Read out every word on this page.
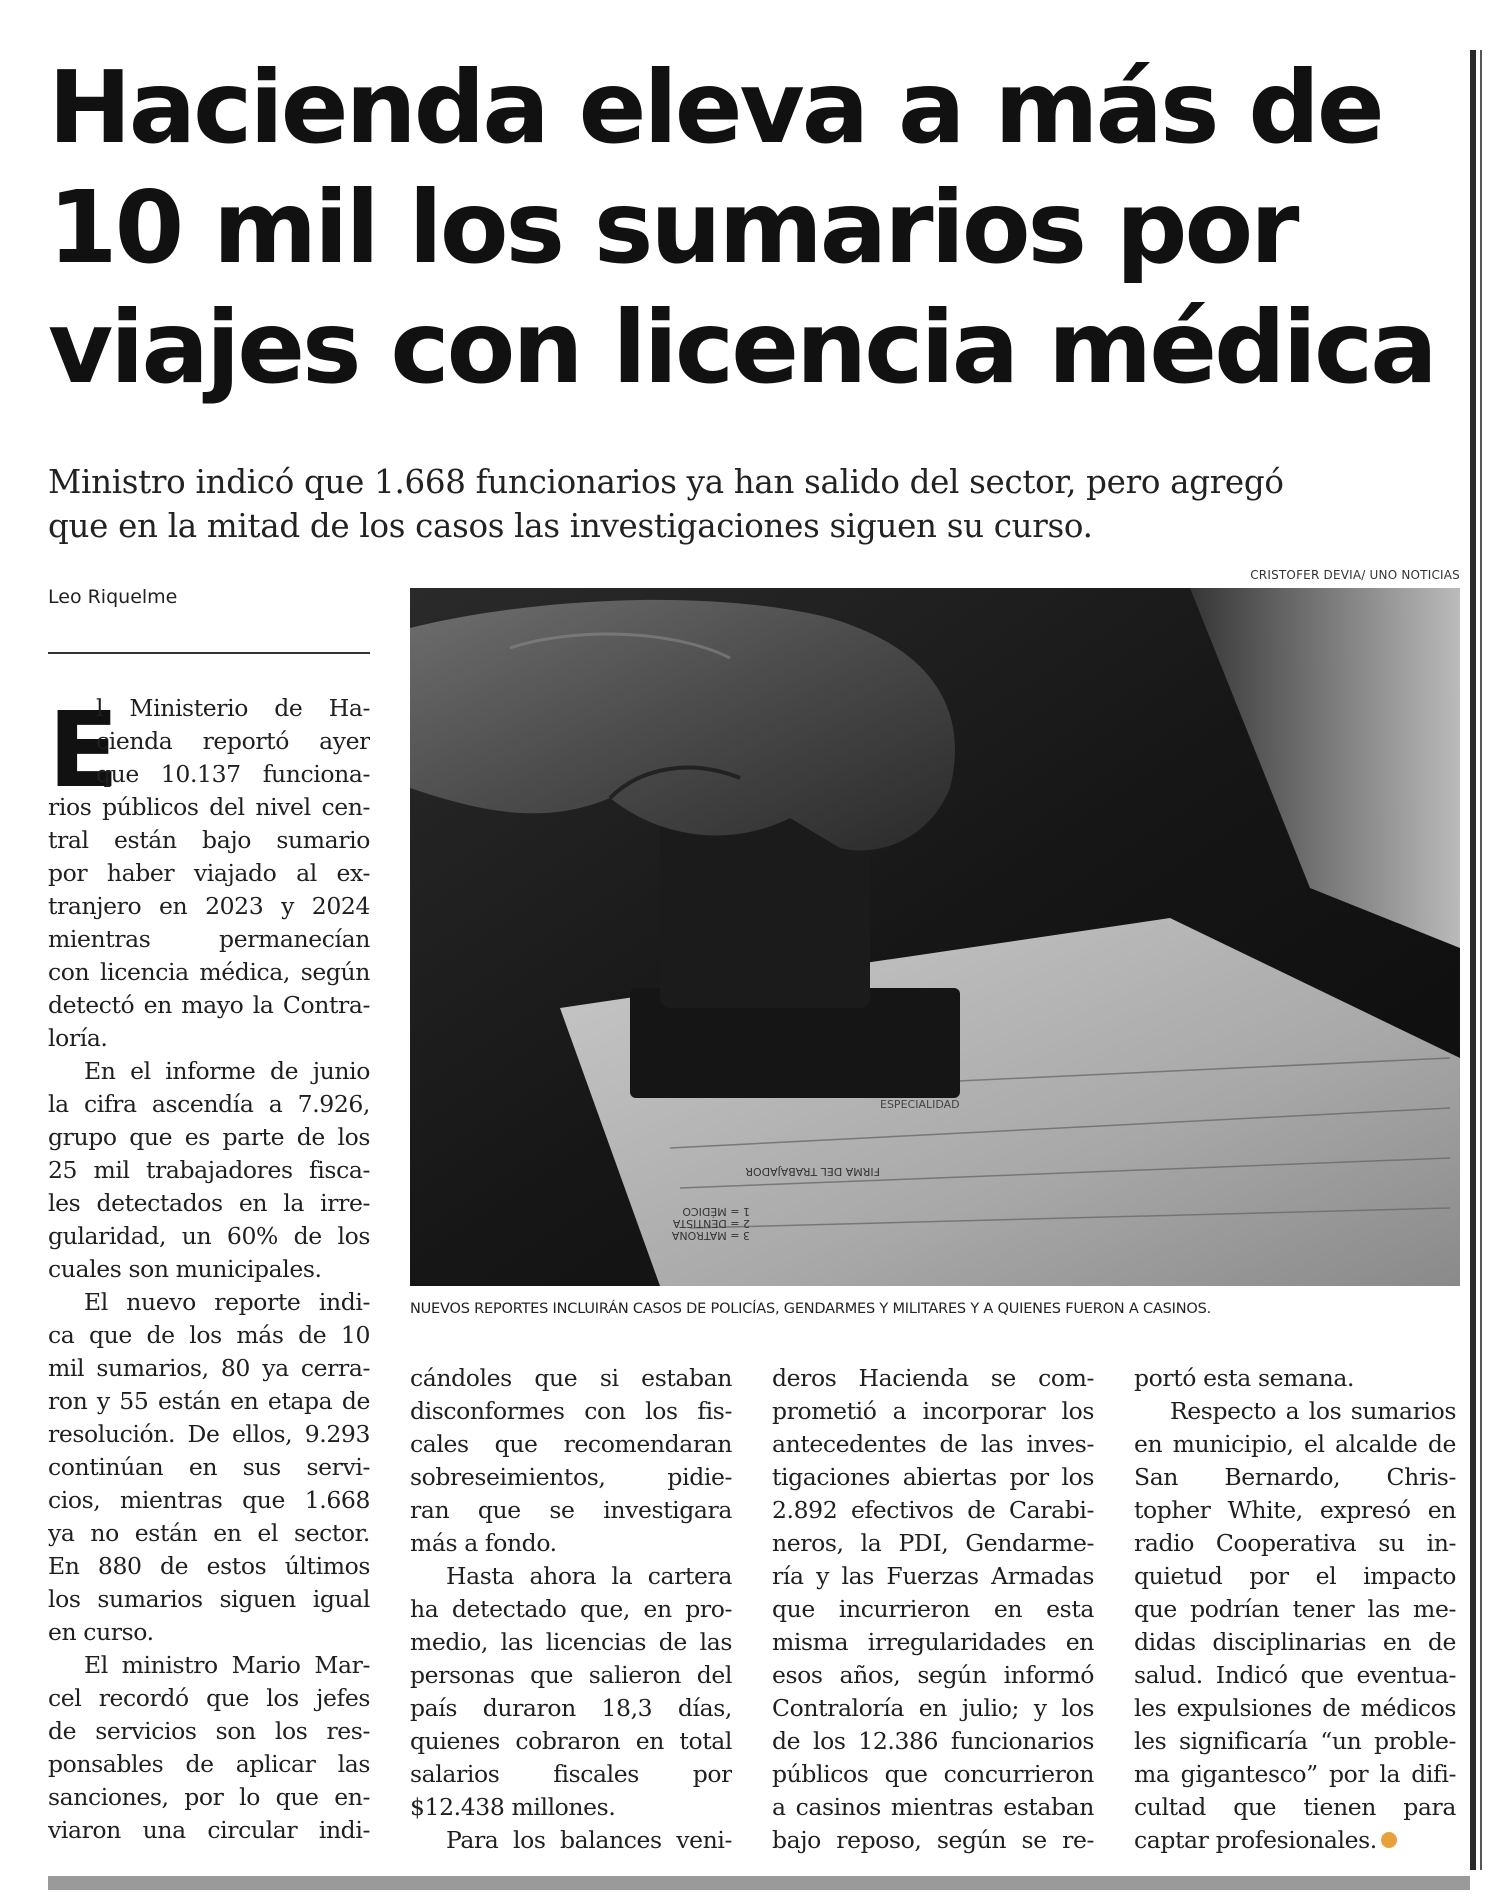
Hacienda eleva a más de
10 mil los sumarios por
viajes con licencia médica
Ministro indicó que 1.668 funcionarios ya han salido del sector, pero agregó
que en la mitad de los casos las investigaciones siguen su curso.
CRISTOFER DEVIA/ UNO NOTICIAS
Leo Riquelme
FIRMA DEL TRABAJADOR
1 = MÉDICO
2 = DENTISTA
3 = MATRONA
ESPECIALIDAD
NUEVOS REPORTES INCLUIRÁN CASOS DE POLICÍAS, GENDARMES Y MILITARES Y A QUIENES FUERON A CASINOS.
E
l Ministerio de Ha-
cienda reportó ayer
que 10.137 funciona-
rios públicos del nivel cen-
tral están bajo sumario
por haber viajado al ex-
tranjero en 2023 y 2024
mientras permanecían
con licencia médica, según
detectó en mayo la Contra-
loría.
En el informe de junio
la cifra ascendía a 7.926,
grupo que es parte de los
25 mil trabajadores fisca-
les detectados en la irre-
gularidad, un 60% de los
cuales son municipales.
El nuevo reporte indi-
ca que de los más de 10
mil sumarios, 80 ya cerra-
ron y 55 están en etapa de
resolución. De ellos, 9.293
continúan en sus servi-
cios, mientras que 1.668
ya no están en el sector.
En 880 de estos últimos
los sumarios siguen igual
en curso.
El ministro Mario Mar-
cel recordó que los jefes
de servicios son los res-
ponsables de aplicar las
sanciones, por lo que en-
viaron una circular indi-
cándoles que si estaban
disconformes con los fis-
cales que recomendaran
sobreseimientos, pidie-
ran que se investigara
más a fondo.
Hasta ahora la cartera
ha detectado que, en pro-
medio, las licencias de las
personas que salieron del
país duraron 18,3 días,
quienes cobraron en total
salarios fiscales por
$12.438 millones.
Para los balances veni-
deros Hacienda se com-
prometió a incorporar los
antecedentes de las inves-
tigaciones abiertas por los
2.892 efectivos de Carabi-
neros, la PDI, Gendarme-
ría y las Fuerzas Armadas
que incurrieron en esta
misma irregularidades en
esos años, según informó
Contraloría en julio; y los
de los 12.386 funcionarios
públicos que concurrieron
a casinos mientras estaban
bajo reposo, según se re-
portó esta semana.
Respecto a los sumarios
en municipio, el alcalde de
San Bernardo, Chris-
topher White, expresó en
radio Cooperativa su in-
quietud por el impacto
que podrían tener las me-
didas disciplinarias en de
salud. Indicó que eventua-
les expulsiones de médicos
les significaría “un proble-
ma gigantesco” por la difi-
cultad que tienen para
captar profesionales.
